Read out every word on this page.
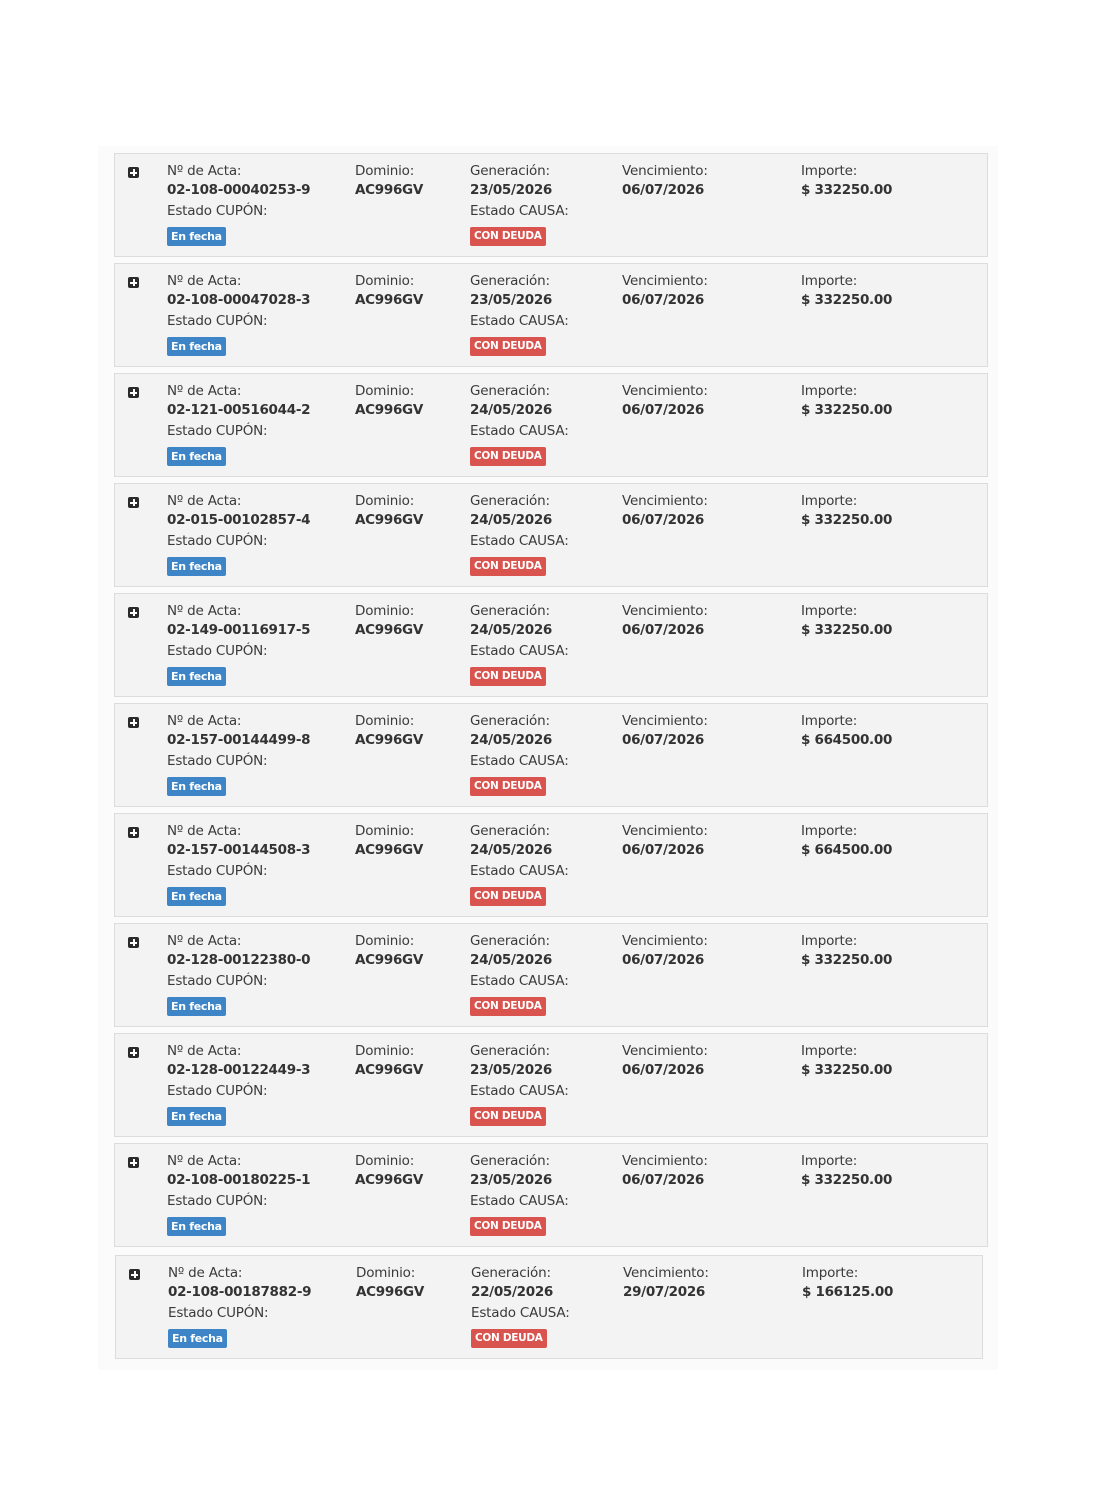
Nº de Acta:
02-108-00040253-9
Estado CUPÓN:
En fecha
Dominio:
AC996GV
Generación:
23/05/2026
Estado CAUSA:
CON DEUDA
Vencimiento:
06/07/2026
Importe:
$ 332250.00
Nº de Acta:
02-108-00047028-3
Estado CUPÓN:
En fecha
Dominio:
AC996GV
Generación:
23/05/2026
Estado CAUSA:
CON DEUDA
Vencimiento:
06/07/2026
Importe:
$ 332250.00
Nº de Acta:
02-121-00516044-2
Estado CUPÓN:
En fecha
Dominio:
AC996GV
Generación:
24/05/2026
Estado CAUSA:
CON DEUDA
Vencimiento:
06/07/2026
Importe:
$ 332250.00
Nº de Acta:
02-015-00102857-4
Estado CUPÓN:
En fecha
Dominio:
AC996GV
Generación:
24/05/2026
Estado CAUSA:
CON DEUDA
Vencimiento:
06/07/2026
Importe:
$ 332250.00
Nº de Acta:
02-149-00116917-5
Estado CUPÓN:
En fecha
Dominio:
AC996GV
Generación:
24/05/2026
Estado CAUSA:
CON DEUDA
Vencimiento:
06/07/2026
Importe:
$ 332250.00
Nº de Acta:
02-157-00144499-8
Estado CUPÓN:
En fecha
Dominio:
AC996GV
Generación:
24/05/2026
Estado CAUSA:
CON DEUDA
Vencimiento:
06/07/2026
Importe:
$ 664500.00
Nº de Acta:
02-157-00144508-3
Estado CUPÓN:
En fecha
Dominio:
AC996GV
Generación:
24/05/2026
Estado CAUSA:
CON DEUDA
Vencimiento:
06/07/2026
Importe:
$ 664500.00
Nº de Acta:
02-128-00122380-0
Estado CUPÓN:
En fecha
Dominio:
AC996GV
Generación:
24/05/2026
Estado CAUSA:
CON DEUDA
Vencimiento:
06/07/2026
Importe:
$ 332250.00
Nº de Acta:
02-128-00122449-3
Estado CUPÓN:
En fecha
Dominio:
AC996GV
Generación:
23/05/2026
Estado CAUSA:
CON DEUDA
Vencimiento:
06/07/2026
Importe:
$ 332250.00
Nº de Acta:
02-108-00180225-1
Estado CUPÓN:
En fecha
Dominio:
AC996GV
Generación:
23/05/2026
Estado CAUSA:
CON DEUDA
Vencimiento:
06/07/2026
Importe:
$ 332250.00
Nº de Acta:
02-108-00187882-9
Estado CUPÓN:
En fecha
Dominio:
AC996GV
Generación:
22/05/2026
Estado CAUSA:
CON DEUDA
Vencimiento:
29/07/2026
Importe:
$ 166125.00
